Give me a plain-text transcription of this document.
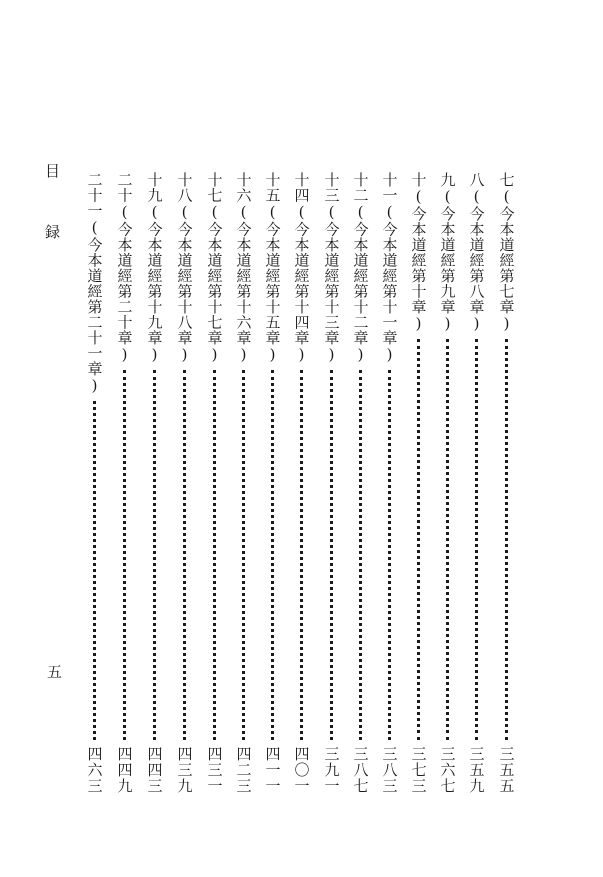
目 録
五
七(今本道經第七章)
三五五
八(今本道經第八章)
三五九
九(今本道經第九章)
三六七
十(今本道經第十章)
三七三
十一(今本道經第十一章)
三八三
十二(今本道經第十二章)
三八七
十三(今本道經第十三章)
三九一
十四(今本道經第十四章)
四〇一
十五(今本道經第十五章)
四一一
十六(今本道經第十六章)
四二三
十七(今本道經第十七章)
四三一
十八(今本道經第十八章)
四三九
十九(今本道經第十九章)
四四三
二十(今本道經第二十章)
四四九
二十一(今本道經第二十一章)
四六三
